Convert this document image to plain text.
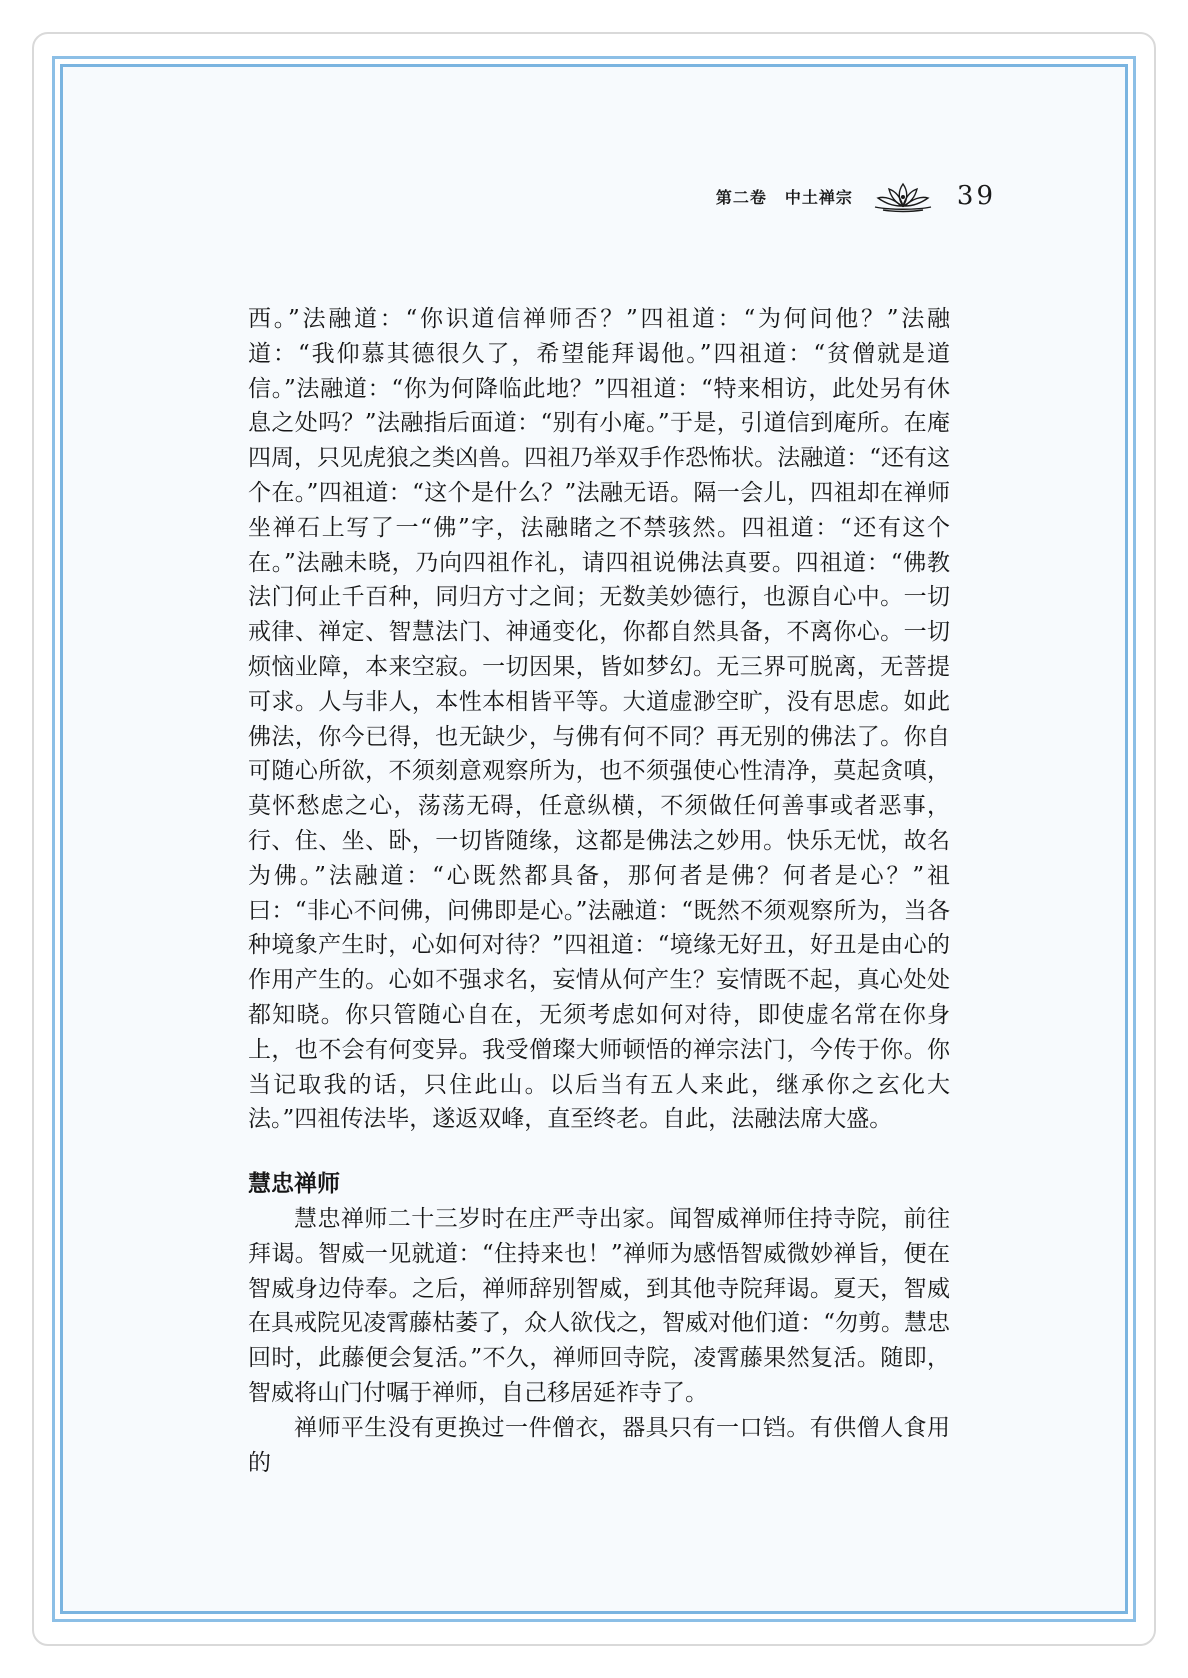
第二卷 中土禅宗	39

西。”法融道：“你识道信禅师否？”四祖道：“为何问他？”法融道：“我仰慕其德很久了，希望能拜谒他。”四祖道：“贫僧就是道信。”法融道：“你为何降临此地？”四祖道：“特来相访，此处另有休息之处吗？”法融指后面道：“别有小庵。”于是，引道信到庵所。在庵四周，只见虎狼之类凶兽。四祖乃举双手作恐怖状。法融道：“还有这个在。”四祖道：“这个是什么？”法融无语。隔一会儿，四祖却在禅师坐禅石上写了一“佛”字，法融睹之不禁骇然。四祖道：“还有这个在。”法融未晓，乃向四祖作礼，请四祖说佛法真要。四祖道：“佛教法门何止千百种，同归方寸之间；无数美妙德行，也源自心中。一切戒律、禅定、智慧法门、神通变化，你都自然具备，不离你心。一切烦恼业障，本来空寂。一切因果，皆如梦幻。无三界可脱离，无菩提可求。人与非人，本性本相皆平等。大道虚渺空旷，没有思虑。如此佛法，你今已得，也无缺少，与佛有何不同？再无别的佛法了。你自可随心所欲，不须刻意观察所为，也不须强使心性清净，莫起贪嗔，莫怀愁虑之心，荡荡无碍，任意纵横，不须做任何善事或者恶事，行、住、坐、卧，一切皆随缘，这都是佛法之妙用。快乐无忧，故名为佛。”法融道：“心既然都具备，那何者是佛？何者是心？”祖曰：“非心不问佛，问佛即是心。”法融道：“既然不须观察所为，当各种境象产生时，心如何对待？”四祖道：“境缘无好丑，好丑是由心的作用产生的。心如不强求名，妄情从何产生？妄情既不起，真心处处都知晓。你只管随心自在，无须考虑如何对待，即使虚名常在你身上，也不会有何变异。我受僧璨大师顿悟的禅宗法门，今传于你。你当记取我的话，只住此山。以后当有五人来此，继承你之玄化大法。”四祖传法毕，遂返双峰，直至终老。自此，法融法席大盛。

慧忠禅师

慧忠禅师二十三岁时在庄严寺出家。闻智威禅师住持寺院，前往拜谒。智威一见就道：“住持来也！”禅师为感悟智威微妙禅旨，便在智威身边侍奉。之后，禅师辞别智威，到其他寺院拜谒。夏天，智威在具戒院见凌霄藤枯萎了，众人欲伐之，智威对他们道：“勿剪。慧忠回时，此藤便会复活。”不久，禅师回寺院，凌霄藤果然复活。随即，智威将山门付嘱于禅师，自己移居延祚寺了。

禅师平生没有更换过一件僧衣，器具只有一口铛。有供僧人食用的
